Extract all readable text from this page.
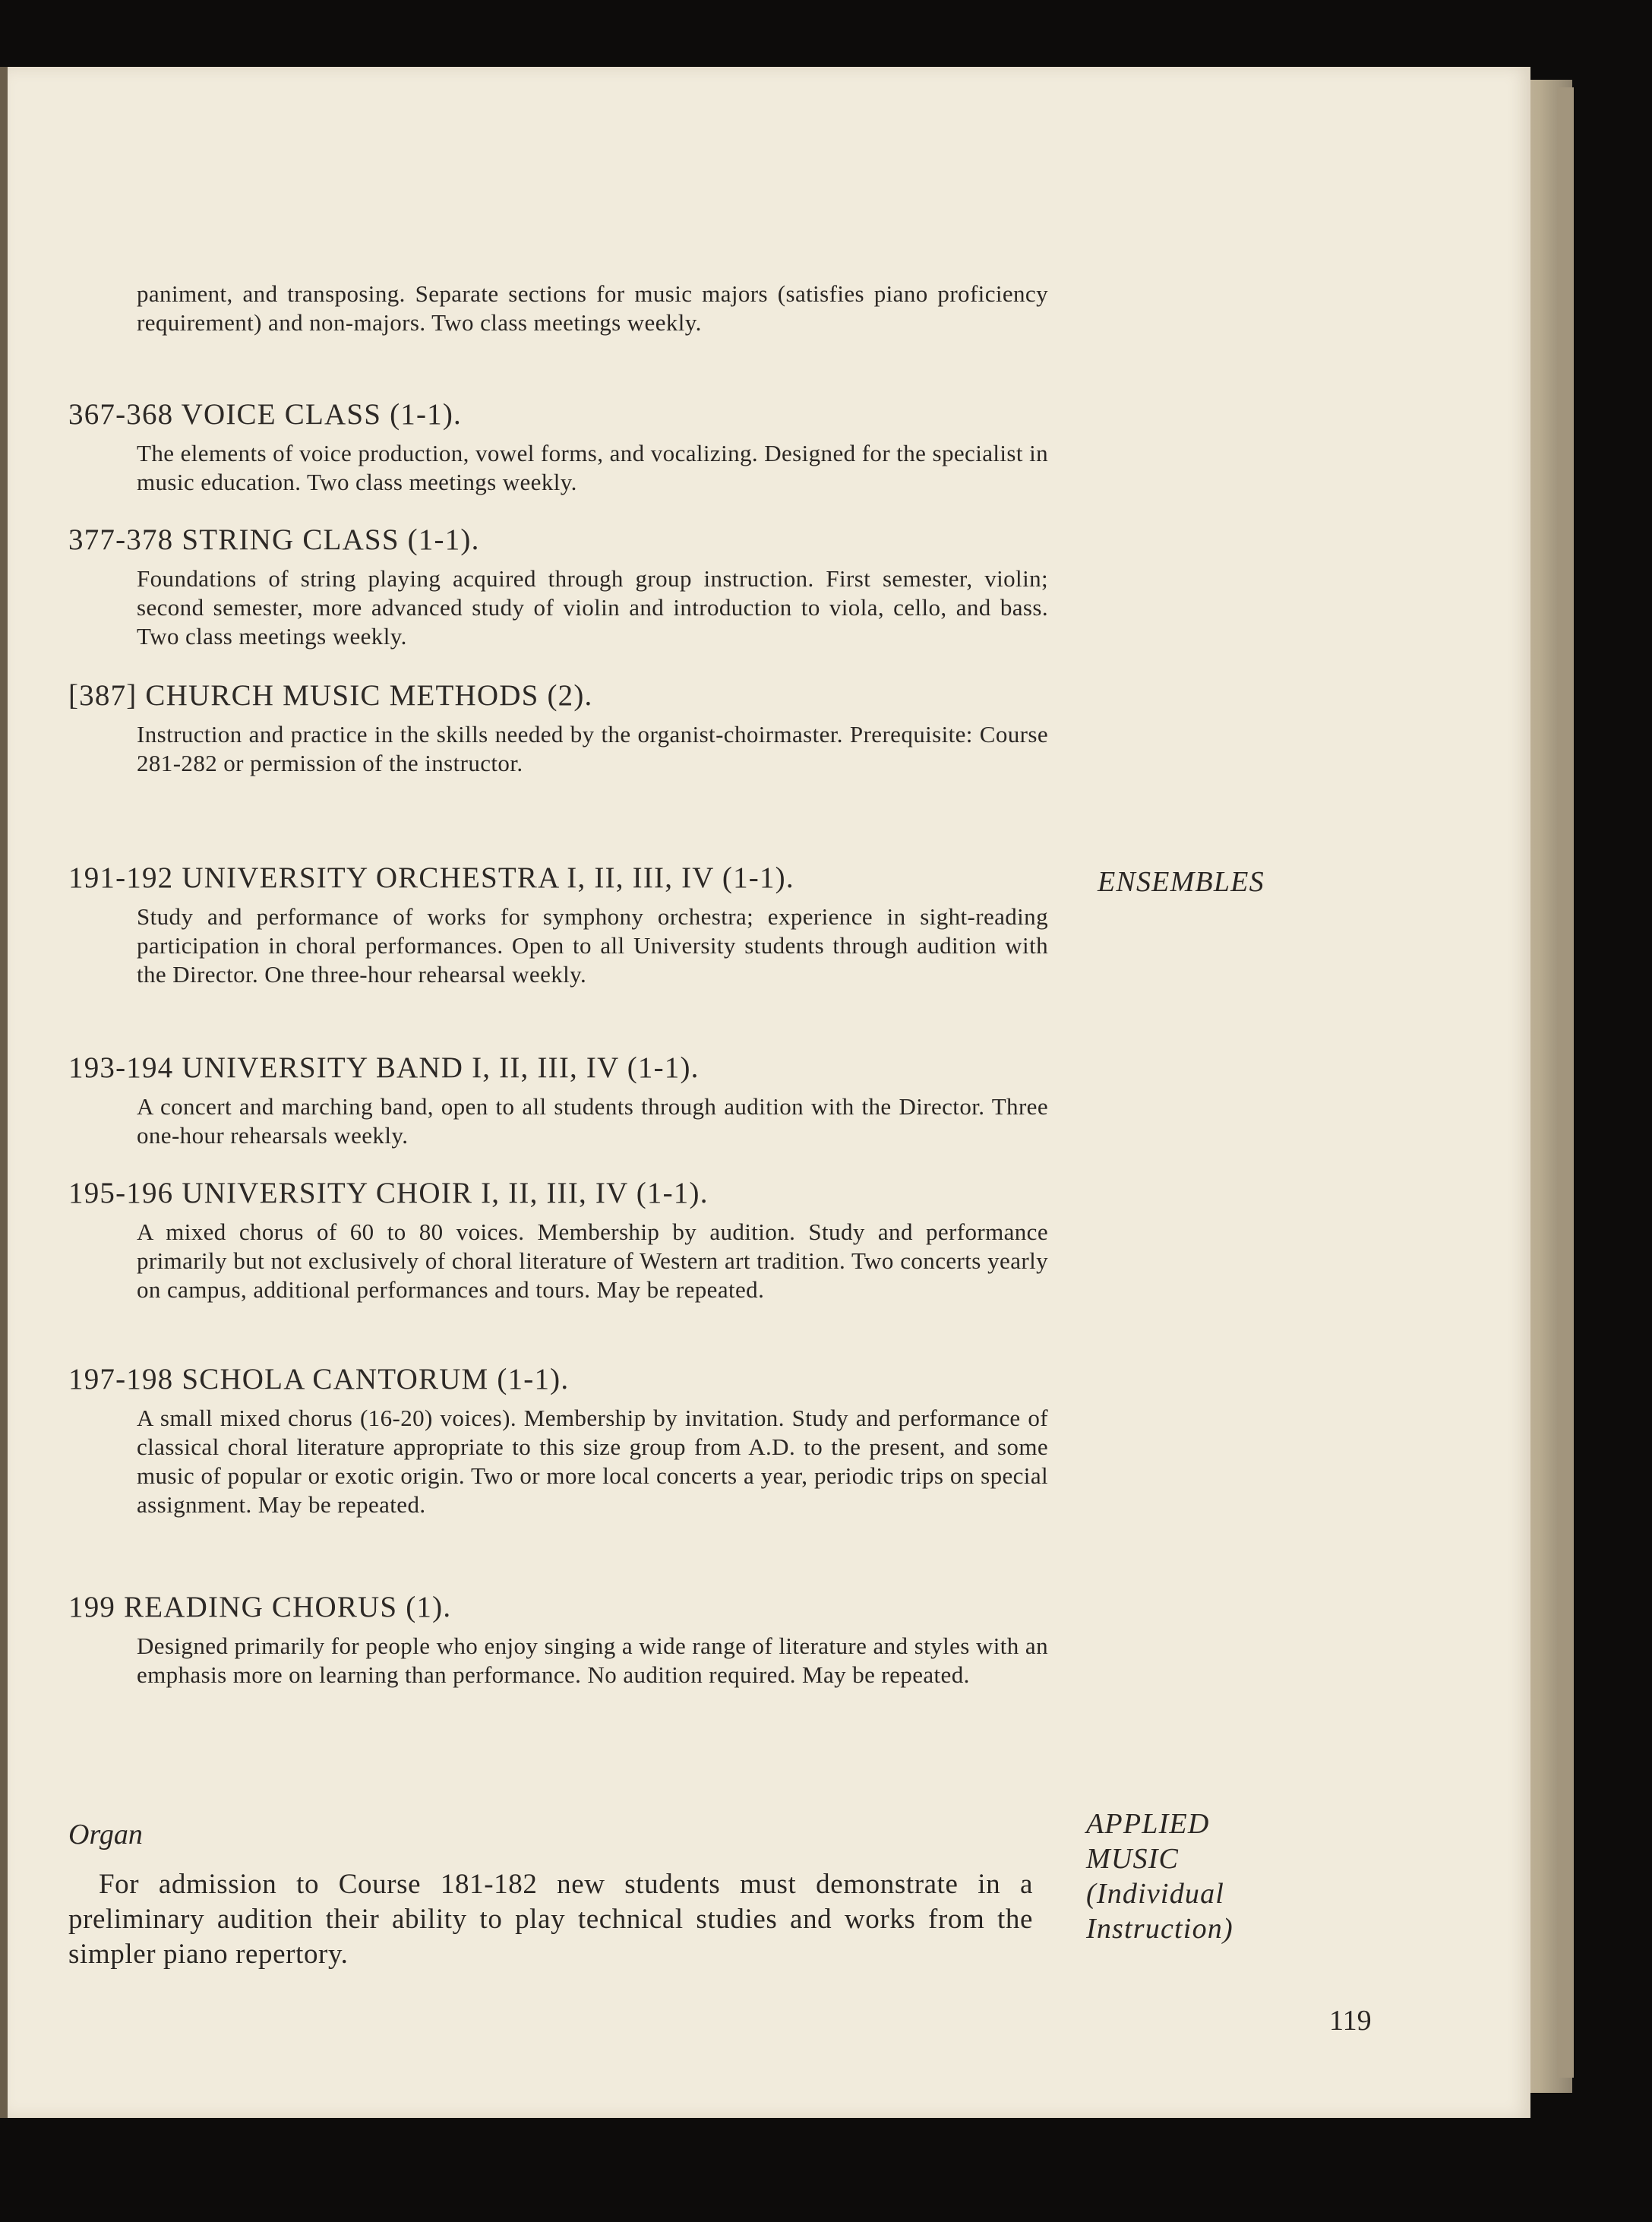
paniment, and transposing. Separate sections for music majors (satisfies piano proficiency requirement) and non-majors. Two class meetings weekly.
367-368 VOICE CLASS (1-1).
The elements of voice production, vowel forms, and vocalizing. Designed for the specialist in music education. Two class meetings weekly.
377-378 STRING CLASS (1-1).
Foundations of string playing acquired through group instruction. First semester, violin; second semester, more advanced study of violin and introduction to viola, cello, and bass. Two class meetings weekly.
[387] CHURCH MUSIC METHODS (2).
Instruction and practice in the skills needed by the organist-choirmaster. Prerequisite: Course 281-282 or permission of the instructor.
191-192 UNIVERSITY ORCHESTRA I, II, III, IV (1-1).	ENSEMBLES
Study and performance of works for symphony orchestra; experience in sight-reading participation in choral performances. Open to all University students through audition with the Director. One three-hour rehearsal weekly.
193-194 UNIVERSITY BAND I, II, III, IV (1-1).
A concert and marching band, open to all students through audition with the Director. Three one-hour rehearsals weekly.
195-196 UNIVERSITY CHOIR I, II, III, IV (1-1).
A mixed chorus of 60 to 80 voices. Membership by audition. Study and performance primarily but not exclusively of choral literature of Western art tradition. Two concerts yearly on campus, additional performances and tours. May be repeated.
197-198 SCHOLA CANTORUM (1-1).
A small mixed chorus (16-20) voices). Membership by invitation. Study and performance of classical choral literature appropriate to this size group from A.D. to the present, and some music of popular or exotic origin. Two or more local concerts a year, periodic trips on special assignment. May be repeated.
199 READING CHORUS (1).
Designed primarily for people who enjoy singing a wide range of literature and styles with an emphasis more on learning than performance. No audition required. May be repeated.
Organ
For admission to Course 181-182 new students must demonstrate in a preliminary audition their ability to play technical studies and works from the simpler piano repertory.
APPLIED
MUSIC
(Individual
Instruction)
119
